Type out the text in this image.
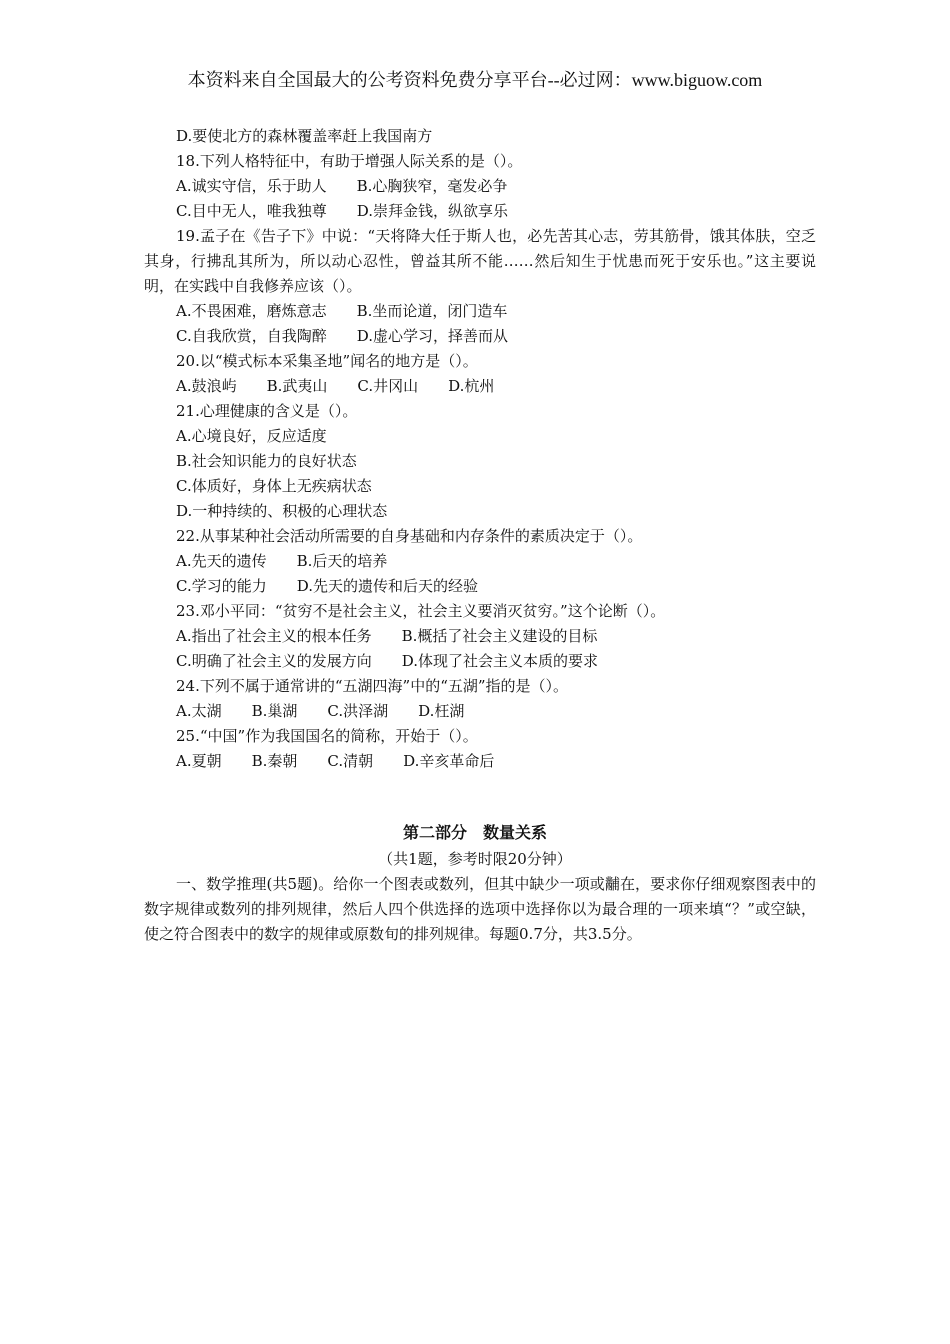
本资料来自全国最大的公考资料免费分享平台--必过网：www.biguow.com
D.要使北方的森林覆盖率赶上我国南方
18.下列人格特征中，有助于增强人际关系的是（）。
A.诚实守信，乐于助人 B.心胸狭窄，毫发必争
C.目中无人，唯我独尊 D.崇拜金钱，纵欲享乐
19.孟子在《告子下》中说：“天将降大任于斯人也，必先苦其心志，劳其筋骨，饿其体肤，空乏其身，行拂乱其所为，所以动心忍性，曾益其所不能……然后知生于忧患而死于安乐也。”这主要说明，在实践中自我修养应该（）。
A.不畏困难，磨炼意志 B.坐而论道，闭门造车
C.自我欣赏，自我陶醉 D.虚心学习，择善而从
20.以“模式标本采集圣地”闻名的地方是（）。
A.鼓浪屿 B.武夷山 C.井冈山 D.杭州
21.心理健康的含义是（）。
A.心境良好，反应适度
B.社会知识能力的良好状态
C.体质好，身体上无疾病状态
D.一种持续的、积极的心理状态
22.从事某种社会活动所需要的自身基础和内存条件的素质决定于（）。
A.先天的遗传 B.后天的培养
C.学习的能力 D.先天的遗传和后天的经验
23.邓小平同：“贫穷不是社会主义，社会主义要消灭贫穷。”这个论断（）。
A.指出了社会主义的根本任务 B.概括了社会主义建设的目标
C.明确了社会主义的发展方向 D.体现了社会主义本质的要求
24.下列不属于通常讲的“五湖四海”中的“五湖”指的是（）。
A.太湖 B.巢湖 C.洪泽湖 D.枉湖
25.“中国”作为我国国名的简称，开始于（）。
A.夏朝 B.秦朝 C.清朝 D.辛亥革命后
第二部分　数量关系
（共1题，参考时限20分钟）
一、数学推理(共5题)。给你一个图表或数列，但其中缺少一项或黼在，要求你仔细观察图表中的数字规律或数列的排列规律，然后人四个供选择的选项中选择你以为最合理的一项来填“？”或空缺，使之符合图表中的数字的规律或原数旬的排列规律。每题0.7分，共3.5分。
